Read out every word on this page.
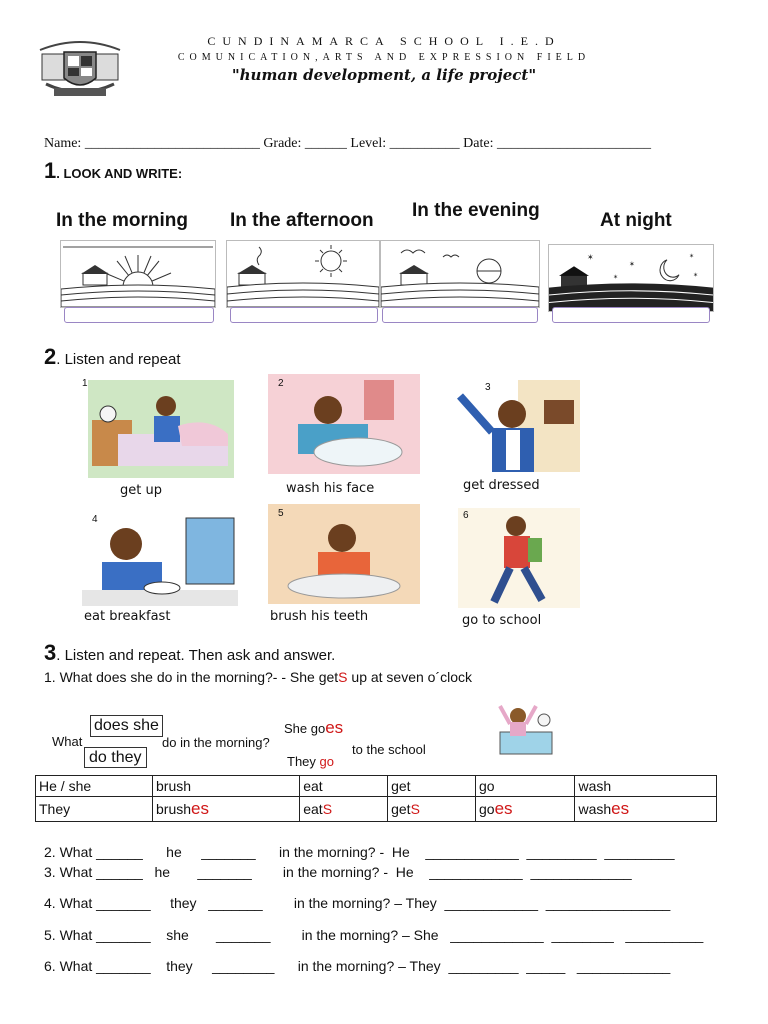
CUNDINAMARCA SCHOOL I.E.D
COMUNICATION,ARTS AND EXPRESSION FIELD
"human development, a life project"
Name: _________________________ Grade: ______ Level: __________ Date: ______________________
1. LOOK AND WRITE:
In the morning In the afternoon In the evening	At night
✶
✶
✶
✶
✶
2. Listen and repeat
get up
1
wash his face
2
get dressed
3
eat breakfast
4
brush his teeth
5
go to school
6
3. Listen and repeat. Then ask and answer.
1. What does she do in the morning?- - She getS up at seven o´clock
What
does she
do they
do in the morning?
She goes
to the school
They go
He / she	brush	eat	get	go	wash
They	brushes	eatS	getS	goes	washes
2. What ______      he     _______      in the morning? -  He    ____________  _________  _________
3. What ______   he       _______        in the morning? -  He    ____________  _____________
4. What _______     they   _______        in the morning? – They  ____________  ________________
5. What _______    she       _______        in the morning? – She   ____________  ________   __________
6. What _______    they     ________      in the morning? – They  _________  _____   ____________
